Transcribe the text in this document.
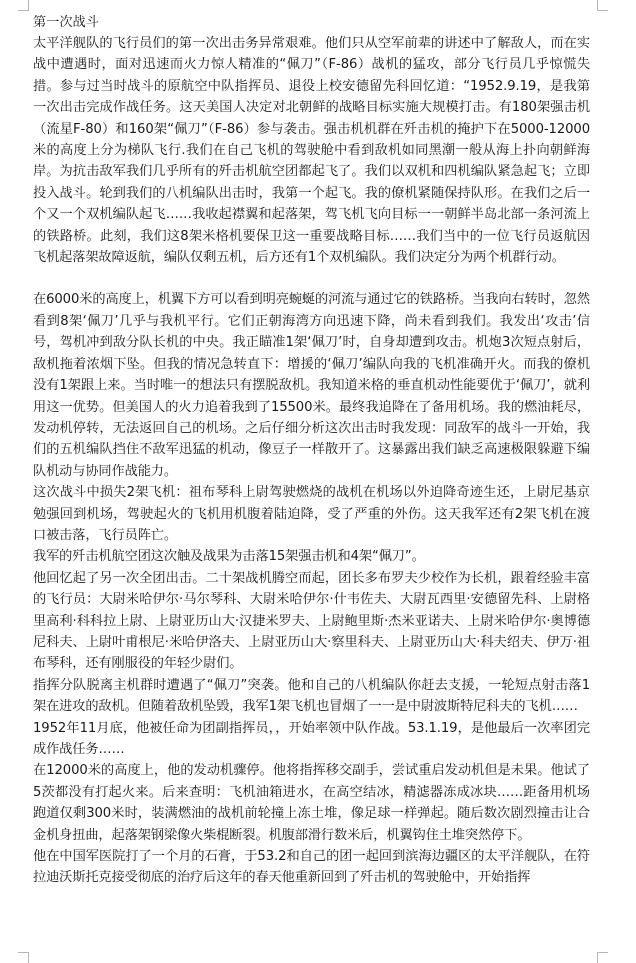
第一次战斗

太平洋舰队的飞行员们的第一次出击务异常艰难。他们只从空军前辈的讲述中了解敌人，而在实战中遭遇时，面对迅速而火力惊人精准的“佩刀”（F-86）战机的猛攻，部分飞行员几乎惊慌失措。参与过当时战斗的原航空中队指挥员、退役上校安德留先科回忆道：“1952.9.19，是我第一次出击完成作战任务。这天美国人决定对北朝鲜的战略目标实施大规模打击。有180架强击机（流星F-80）和160架“佩刀”（F-86）参与袭击。强击机机群在歼击机的掩护下在5000-12000米的高度上分为梯队飞行.我们在自己飞机的驾驶舱中看到敌机如同黑潮一般从海上扑向朝鲜海岸。为抗击敌军我们几乎所有的歼击机航空团都起飞了。我们以双机和四机编队紧急起飞；立即投入战斗。轮到我们的八机编队出击时，我第一个起飞。我的僚机紧随保持队形。在我们之后一个又一个双机编队起飞……我收起襟翼和起落架，驾飞机飞向目标一一朝鲜半岛北部一条河流上的铁路桥。此刻，我们这8架米格机要保卫这一重要战略目标……我们当中的一位飞行员返航因飞机起落架故障返航，编队仅剩五机，后方还有1个双机编队。我们决定分为两个机群行动。

在6000米的高度上，机翼下方可以看到明亮蜿蜒的河流与通过它的铁路桥。当我向右转时，忽然看到8架‘佩刀’几乎与我机平行。它们正朝海湾方向迅速下降，尚未看到我们。我发出‘攻击’信号，驾机冲到敌分队长机的中央。我正瞄准1架‘佩刀’时，自身却遭到攻击。机炮3次短点射后，敌机拖着浓烟下坠。但我的情况急转直下：增援的‘佩刀’编队向我的飞机准确开火。而我的僚机没有1架跟上来。当时唯一的想法只有摆脱敌机。我知道米格的垂直机动性能要优于‘佩刀’，就利用这一优势。但美国人的火力追着我到了15500米。最终我追降在了备用机场。我的燃油耗尽，发动机停转，无法返回自己的机场。之后仔细分析这次出击时我发现：同敌军的战斗一开始，我们的五机编队挡住不敌军迅猛的机动，像豆子一样散开了。这暴露出我们缺乏高速极限躲避下编队机动与协同作战能力。

这次战斗中损失2架飞机：祖布琴科上尉驾驶燃烧的战机在机场以外迫降奇迹生还，上尉尼基京勉强回到机场，驾驶起火的飞机用机腹着陆迫降，受了严重的外伤。这天我军还有2架飞机在渡口被击落，飞行员阵亡。

我军的歼击机航空团这次触及战果为击落15架强击机和4架“佩刀”。

他回忆起了另一次全团出击。二十架战机腾空而起，团长多布罗夫少校作为长机，跟着经验丰富的飞行员：大尉米哈伊尔·马尔琴科、大尉米哈伊尔·什韦佐夫、大尉瓦西里·安德留先科、上尉格里高利·科科拉上尉、上尉亚历山大·汉捷米罗夫、上尉鲍里斯·杰米亚诺夫、上尉米哈伊尔·奥博德尼科夫、上尉叶甫根尼·米哈伊洛夫、上尉亚历山大·察里科夫、上尉亚历山大·科夫绍夫、伊万·祖布琴科，还有刚服役的年轻少尉们。

指挥分队脱离主机群时遭遇了“佩刀”突袭。他和自己的八机编队你赶去支援，一轮短点射击落1架在进攻的敌机。但随着敌机坠毁，我军1架飞机也冒烟了一一是中尉波斯特尼科夫的飞机……

1952年11月底，他被任命为团副指挥员，，开始率领中队作战。53.1.19，是他最后一次率团完成作战任务……

在12000米的高度上，他的发动机骤停。他将指挥移交副手，尝试重启发动机但是未果。他试了5茨都没有打起火来。后来查明：飞机油箱进水，在高空结冰，精滤器冻成冰块……距备用机场跑道仅剩300米时，装满燃油的战机前轮撞上冻土堆，像足球一样弹起。随后数次剧烈撞击让合金机身扭曲，起落架钢梁像火柴棍断裂。机腹部滑行数米后，机翼钩住土堆突然停下。

他在中国军医院打了一个月的石膏，于53.2和自己的团一起回到滨海边疆区的太平洋舰队，在符拉迪沃斯托克接受彻底的治疗后这年的春天他重新回到了歼击机的驾驶舱中，开始指挥
